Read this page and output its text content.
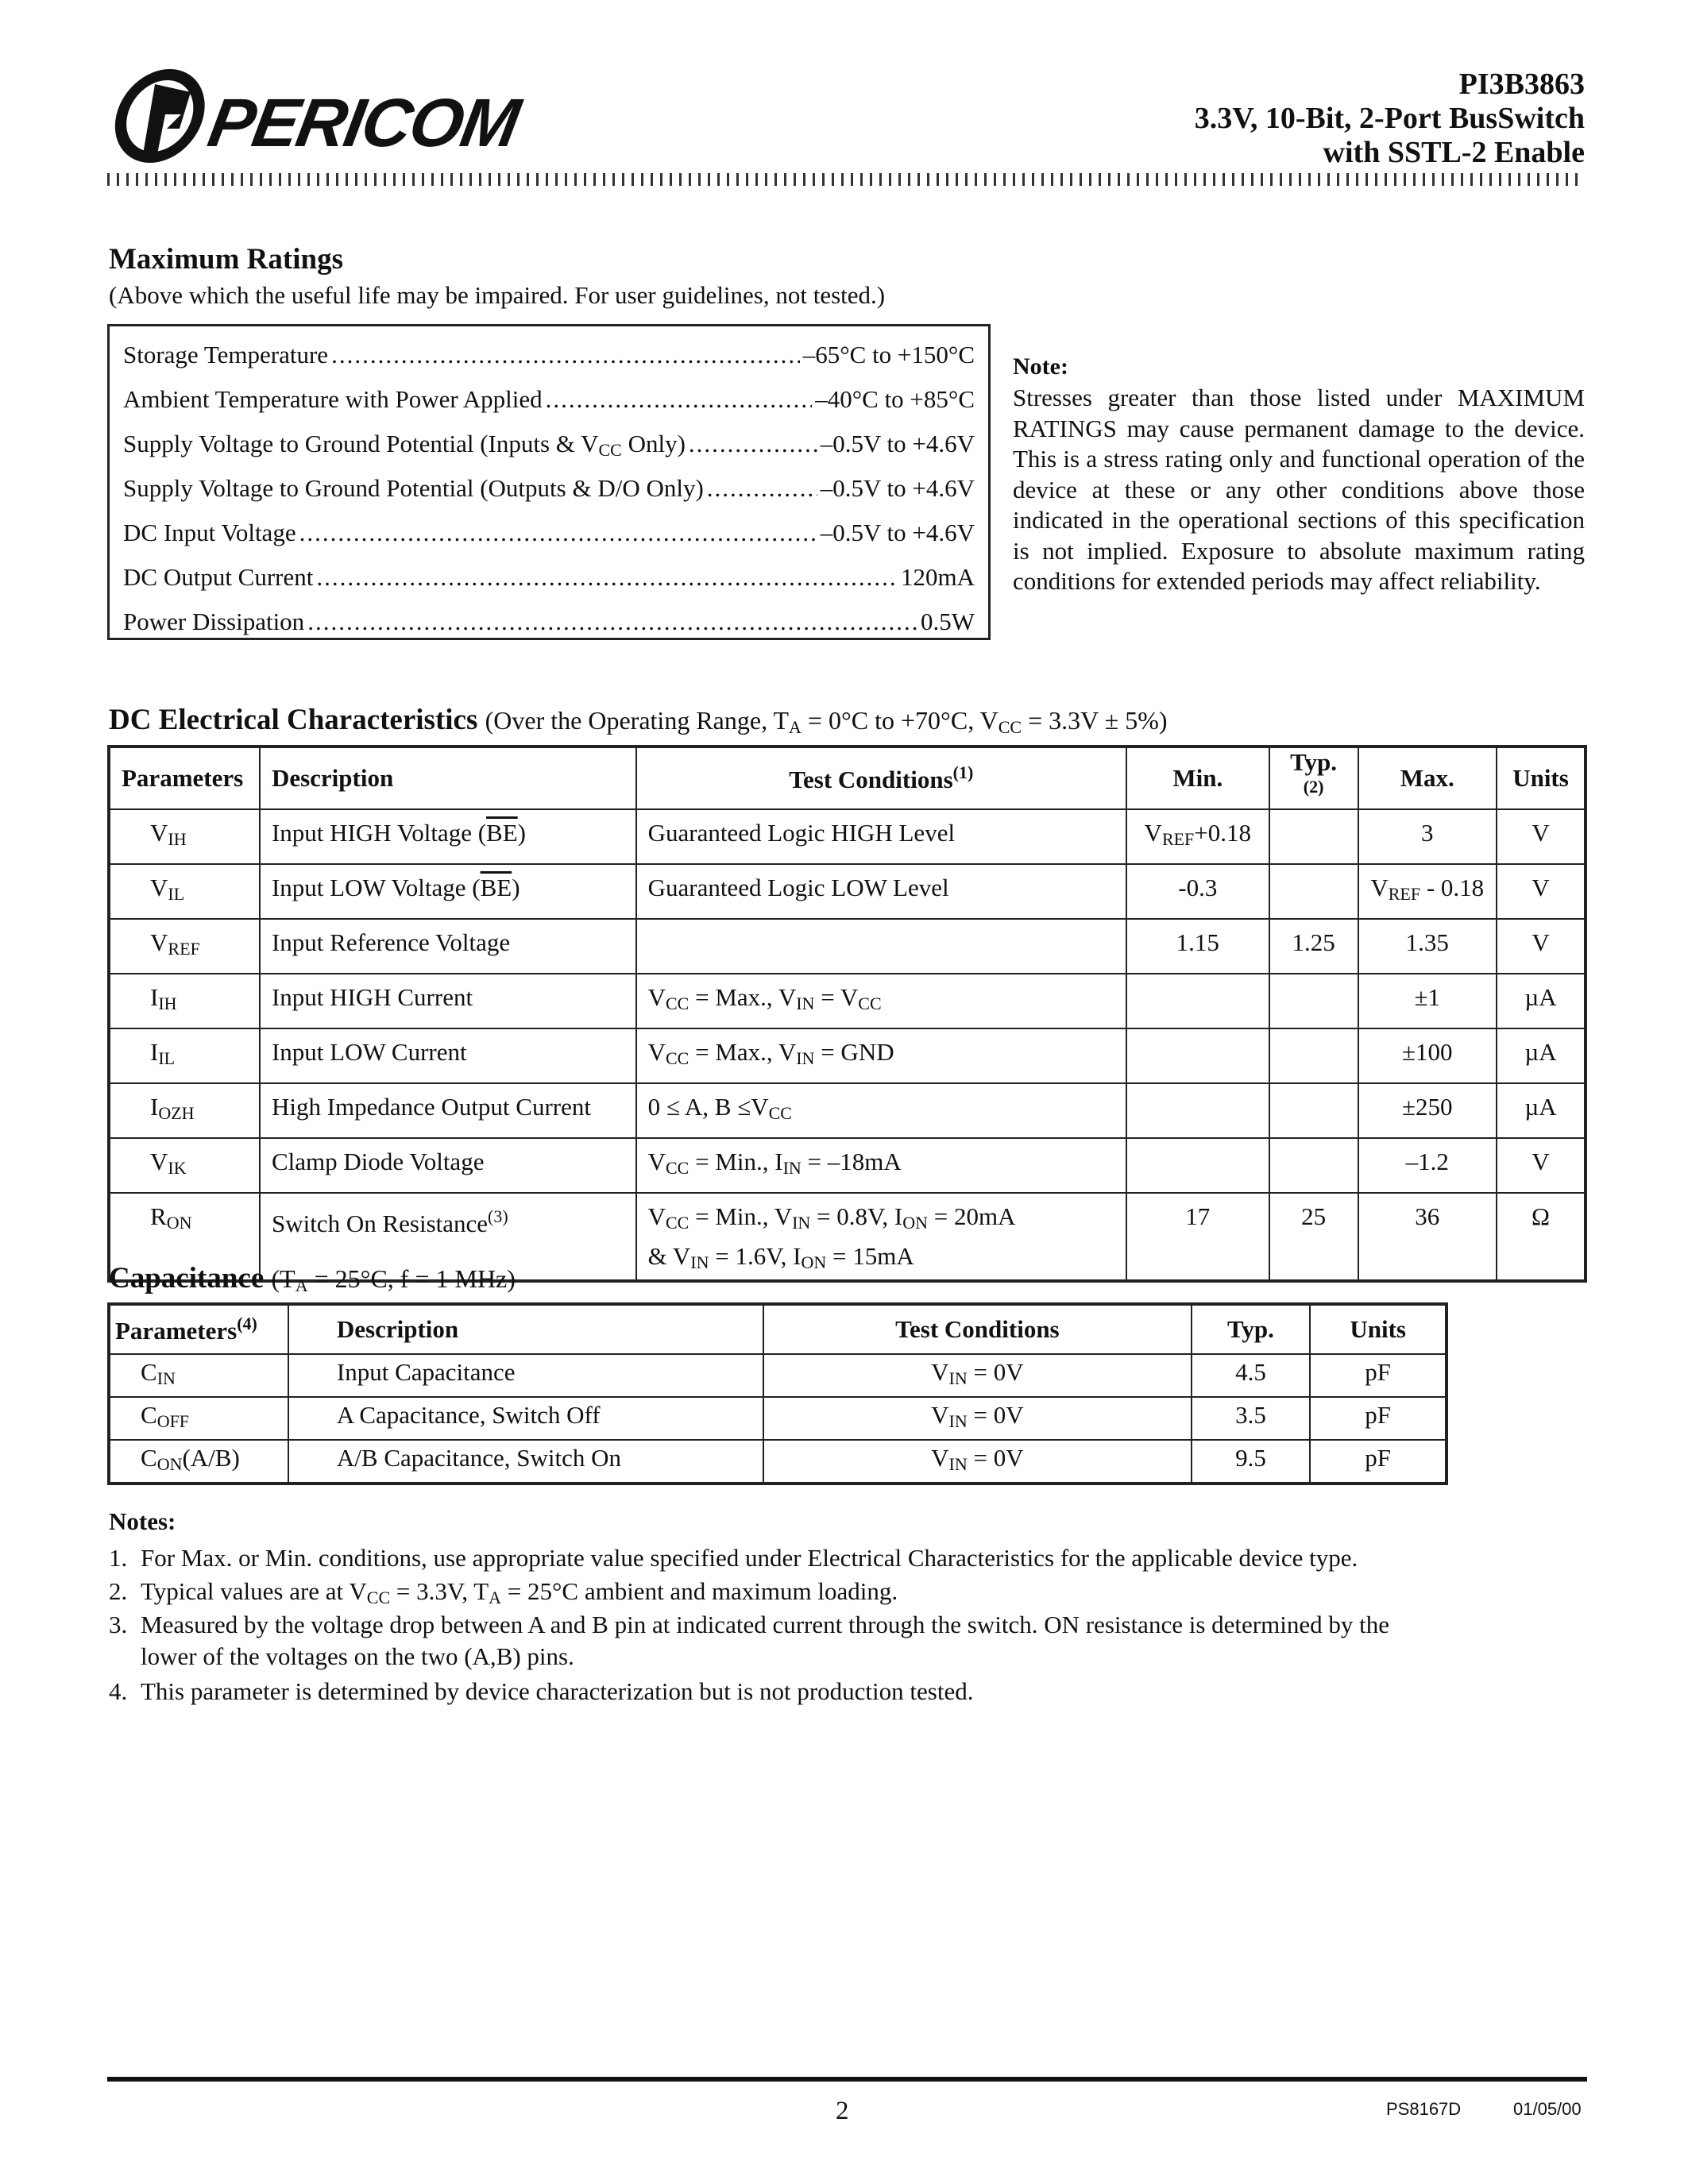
PERICOM
PI3B3863
3.3V, 10-Bit, 2-Port BusSwitch
with SSTL-2 Enable
Maximum Ratings
(Above which the useful life may be impaired. For user guidelines, not tested.)
Storage Temperature .....	–65°C to +150°C
Ambient Temperature with Power Applied .....	–40°C to +85°C
Supply Voltage to Ground Potential (Inputs & $V_{CC}$ Only) .....	–0.5V to +4.6V
Supply Voltage to Ground Potential (Outputs & D/O Only) .....	–0.5V to +4.6V
DC Input Voltage .....	–0.5V to +4.6V
DC Output Current .....	120mA
Power Dissipation .....	0.5W
Note:
Stresses greater than those listed under MAXIMUM RATINGS may cause permanent damage to the device. This is a stress rating only and functional operation of the device at these or any other conditions above those indicated in the operational sections of this specification is not implied. Exposure to absolute maximum rating conditions for extended periods may affect reliability.
DC Electrical Characteristics (Over the Operating Range, $T_A = 0^\circ C$ to +70°C, $V_{CC} = 3.3V \pm 5\%$)
Parameters	Description	Test Conditions$^{(1)}$	Min.	Typ.$^{(2)}$	Max.	Units
$V_{IH}$	Input HIGH Voltage $(\overline{BE})$	Guaranteed Logic HIGH Level	$V_{REF}+0.18$		3	V
$V_{IL}$	Input LOW Voltage $(\overline{BE})$	Guaranteed Logic LOW Level	-0.3		$V_{REF} - 0.18$	V
$V_{REF}$	Input Reference Voltage		1.15	1.25	1.35	V
$I_{IH}$	Input HIGH Current	$V_{CC}$ = Max., $V_{IN} = V_{CC}$			±1	µA
$I_{IL}$	Input LOW Current	$V_{CC}$ = Max., $V_{IN}$ = GND			±100	µA
$I_{OZH}$	High Impedance Output Current	0 ≤ A, $B \le V_{CC}$			±250	µA
$V_{IK}$	Clamp Diode Voltage	$V_{CC}$ = Min., $I_{IN} = -18mA$			–1.2	V
$R_{ON}$	Switch On Resistance$^{(3)}$	$V_{CC}$ = Min., $V_{IN} = 0.8V$, $I_{ON} = 20mA$
& $V_{IN} = 1.6V$, $I_{ON} = 15mA$	17	25	36	Ω
Capacitance ($T_A = 25^\circ C$, f = 1 MHz)
Parameters$^{(4)}$	Description	Test Conditions	Typ.	Units
$C_{IN}$	Input Capacitance	$V_{IN} = 0V$	4.5	pF
$C_{OFF}$	A Capacitance, Switch Off	$V_{IN} = 0V$	3.5	pF
$C_{ON}(A/B)$	A/B Capacitance, Switch On	$V_{IN} = 0V$	9.5	pF
Notes:
1. For Max. or Min. conditions, use appropriate value specified under Electrical Characteristics for the applicable device type.
2. Typical values are at $V_{CC} = 3.3V$, $T_A = 25^\circ C$ ambient and maximum loading.
3. Measured by the voltage drop between A and B pin at indicated current through the switch. ON resistance is determined by the lower of the voltages on the two (A,B) pins.
4. This parameter is determined by device characterization but is not production tested.
2	PS8167D	01/05/00
